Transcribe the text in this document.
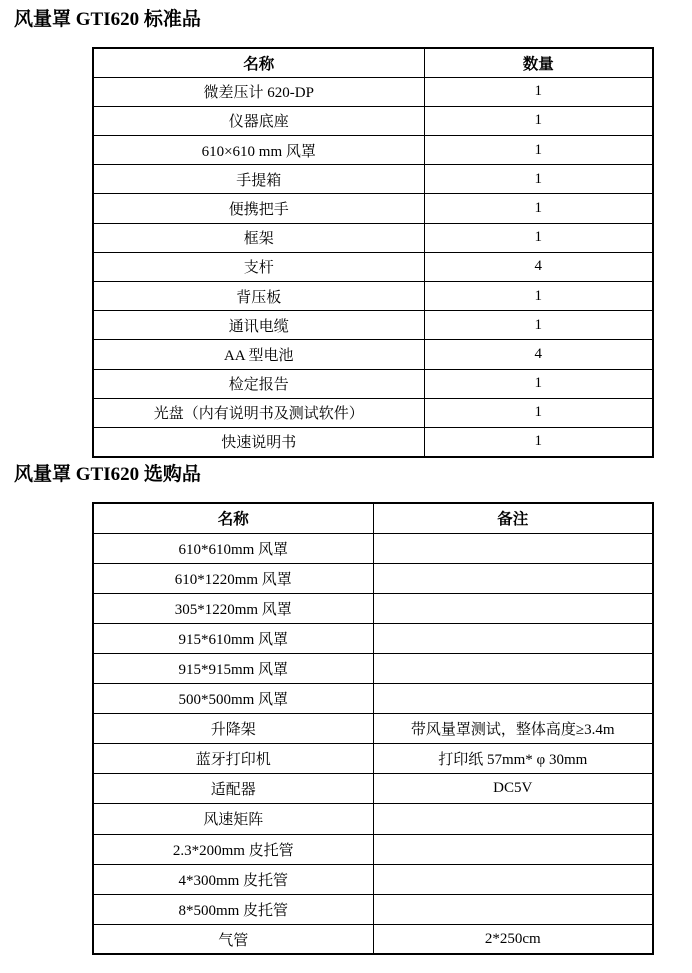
风量罩 GTI620 标准品
名称	数量
微差压计 620-DP	1
仪器底座	1
610×610 mm 风罩	1
手提箱	1
便携把手	1
框架	1
支杆	4
背压板	1
通讯电缆	1
AA 型电池	4
检定报告	1
光盘（内有说明书及测试软件）	1
快速说明书	1
风量罩 GTI620 选购品
名称	备注
610*610mm 风罩	
610*1220mm 风罩	
305*1220mm 风罩	
915*610mm 风罩	
915*915mm 风罩	
500*500mm 风罩	
升降架	带风量罩测试，整体高度≥3.4m
蓝牙打印机	打印纸 57mm* φ 30mm
适配器	DC5V
风速矩阵	
2.3*200mm 皮托管	
4*300mm 皮托管	
8*500mm 皮托管	
气管	2*250cm
